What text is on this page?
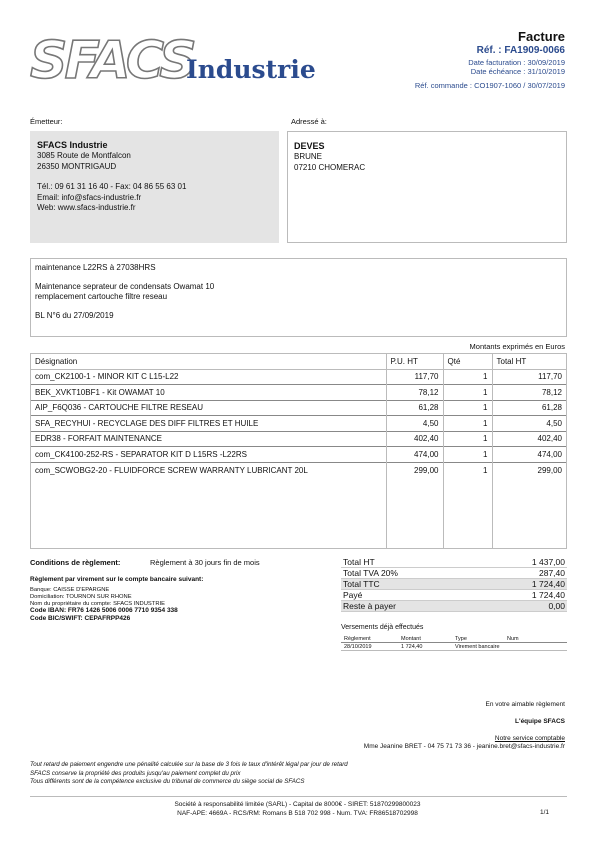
SFACS
Industrie
Facture
Réf. : FA1909-0066
Date facturation : 30/09/2019
Date échéance : 31/10/2019
Réf. commande : CO1907-1060 / 30/07/2019
Émetteur:	Adressé à:
SFACS Industrie
3085 Route de Montfalcon
26350 MONTRIGAUD
Tél.: 09 61 31 16 40 - Fax: 04 86 55 63 01
Email: info@sfacs-industrie.fr
Web: www.sfacs-industrie.fr
DEVES
BRUNE
07210 CHOMERAC
maintenance L22RS à 27038HRS
Maintenance seprateur de condensats Owamat 10
remplacement cartouche filtre reseau
BL N°6 du 27/09/2019
Montants exprimés en Euros
Désignation	P.U. HT	Qté	Total HT
com_CK2100-1 - MINOR KIT C L15-L22	117,70	1	117,70
BEK_XVKT10BF1 - Kit OWAMAT 10	78,12	1	78,12
AIP_F6Q036 - CARTOUCHE FILTRE RESEAU	61,28	1	61,28
SFA_RECYHUI - RECYCLAGE DES DIFF FILTRES ET HUILE	4,50	1	4,50
EDR38 - FORFAIT MAINTENANCE	402,40	1	402,40
com_CK4100-252-RS - SEPARATOR KIT D L15RS -L22RS	474,00	1	474,00
com_SCWOBG2-20 - FLUIDFORCE SCREW WARRANTY LUBRICANT 20L	299,00	1	299,00
Conditions de règlement:	Règlement à 30 jours fin de mois
Règlement par virement sur le compte bancaire suivant:
Banque: CAISSE D'EPARGNE
Domiciliation: TOURNON SUR RHONE
Nom du propriétaire du compte: SFACS INDUSTRIE
Code IBAN: FR76 1426 5006 0006 7710 9354 338
Code BIC/SWIFT: CEPAFRPP426
Total HT	1 437,00
Total TVA 20%	287,40
Total TTC	1 724,40
Payé	1 724,40
Reste à payer	0,00
Versements déjà effectués
Règlement	Montant	Type	Num
28/10/2019	1 724,40	Virement bancaire
En votre aimable règlement
L'équipe SFACS
Notre service comptable
Mme Jeanine BRET - 04 75 71 73 36 - jeanine.bret@sfacs-industrie.fr
Tout retard de paiement engendre une pénalité calculée sur la base de 3 fois le taux d'intérêt légal par jour de retard
SFACS conserve la propriété des produits jusqu'au paiement complet du prix
Tous différents sont de la compétence exclusive du tribunal de commerce du siège social de SFACS
Société à responsabilité limitée (SARL) - Capital de 8000€ - SIRET: 51870299800023
NAF-APE: 4669A - RCS/RM: Romans B 518 702 998 - Num. TVA: FR86518702998	1/1
